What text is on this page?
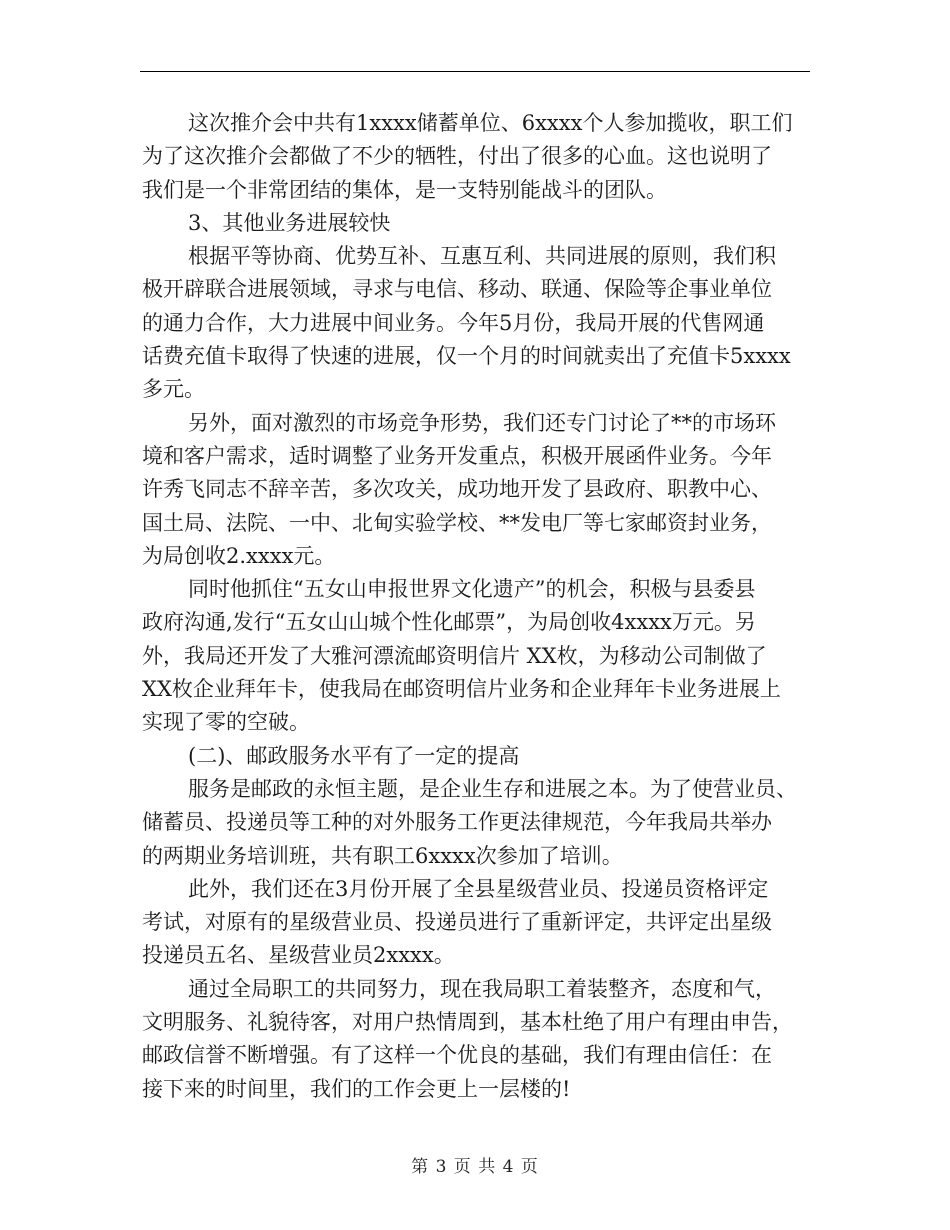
这次推介会中共有1xxxx储蓄单位、6xxxx个人参加揽收，职工们
为了这次推介会都做了不少的牺牲，付出了很多的心血。这也说明了
我们是一个非常团结的集体，是一支特别能战斗的团队。
3、其他业务进展较快
根据平等协商、优势互补、互惠互利、共同进展的原则，我们积
极开辟联合进展领域，寻求与电信、移动、联通、保险等企事业单位
的通力合作，大力进展中间业务。今年5月份，我局开展的代售网通
话费充值卡取得了快速的进展，仅一个月的时间就卖出了充值卡5xxxx
多元。
另外，面对激烈的市场竞争形势，我们还专门讨论了**的市场环
境和客户需求，适时调整了业务开发重点，积极开展函件业务。今年
许秀飞同志不辞辛苦，多次攻关，成功地开发了县政府、职教中心、
国土局、法院、一中、北甸实验学校、**发电厂等七家邮资封业务，
为局创收2.xxxx元。
同时他抓住“五女山申报世界文化遗产”的机会，积极与县委县
政府沟通,发行“五女山山城个性化邮票”，为局创收4xxxx万元。另
外，我局还开发了大雅河漂流邮资明信片 XX枚，为移动公司制做了
XX枚企业拜年卡，使我局在邮资明信片业务和企业拜年卡业务进展上
实现了零的空破。
(二)、邮政服务水平有了一定的提高
服务是邮政的永恒主题，是企业生存和进展之本。为了使营业员、
储蓄员、投递员等工种的对外服务工作更法律规范，今年我局共举办
的两期业务培训班，共有职工6xxxx次参加了培训。
此外，我们还在3月份开展了全县星级营业员、投递员资格评定
考试，对原有的星级营业员、投递员进行了重新评定，共评定出星级
投递员五名、星级营业员2xxxx。
通过全局职工的共同努力，现在我局职工着装整齐，态度和气，
文明服务、礼貌待客，对用户热情周到，基本杜绝了用户有理由申告，
邮政信誉不断增强。有了这样一个优良的基础，我们有理由信任：在
接下来的时间里，我们的工作会更上一层楼的!
第 3 页 共 4 页
